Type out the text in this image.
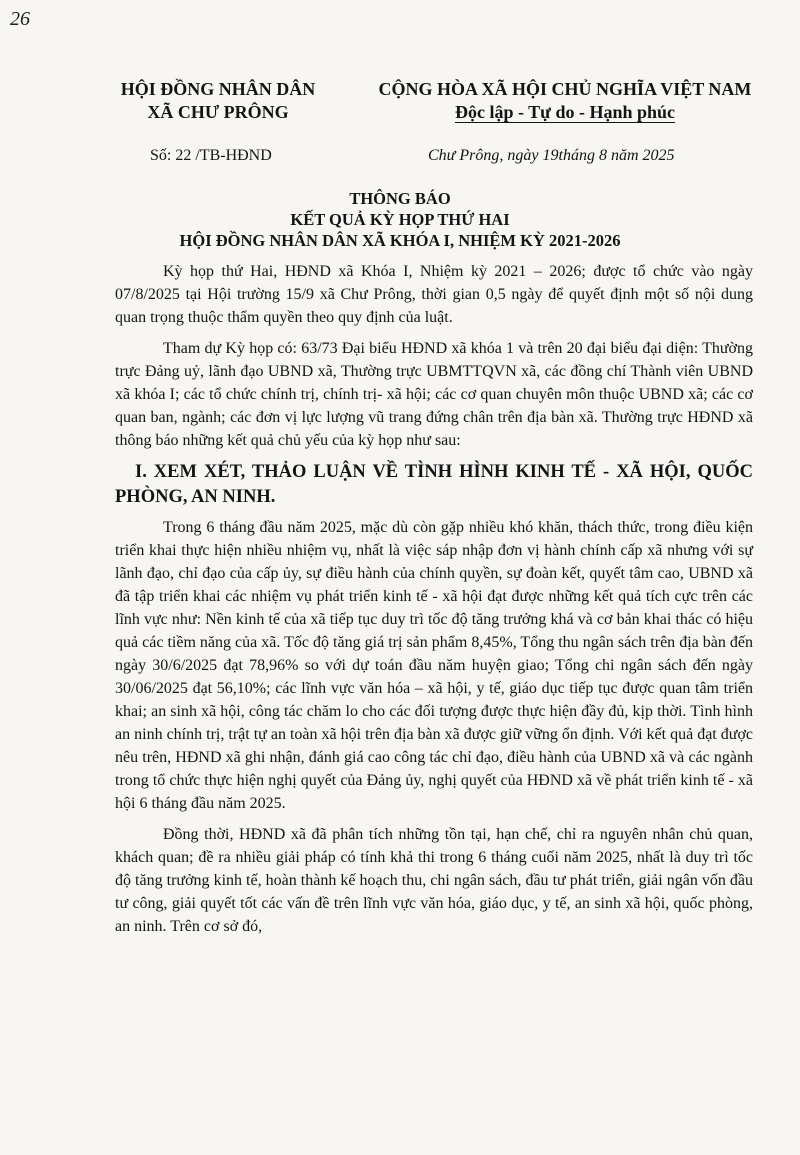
26
HỘI ĐỒNG NHÂN DÂN
XÃ CHƯ PRÔNG
CỘNG HÒA XÃ HỘI CHỦ NGHĨA VIỆT NAM
Độc lập - Tự do - Hạnh phúc
Số: 22 /TB-HĐND	Chư Prông, ngày 19tháng 8 năm 2025
THÔNG BÁO
KẾT QUẢ KỲ HỌP THỨ HAI
HỘI ĐỒNG NHÂN DÂN XÃ KHÓA I, NHIỆM KỲ 2021-2026

Kỳ họp thứ Hai, HĐND xã Khóa I, Nhiệm kỳ 2021 – 2026; được tổ chức vào ngày 07/8/2025 tại Hội trường 15/9 xã Chư Prông, thời gian 0,5 ngày để quyết định một số nội dung quan trọng thuộc thẩm quyền theo quy định của luật.

Tham dự Kỳ họp có: 63/73 Đại biểu HĐND xã khóa 1 và trên 20 đại biểu đại diện: Thường trực Đảng uỷ, lãnh đạo UBND xã, Thường trực UBMTTQVN xã, các đồng chí Thành viên UBND xã khóa I; các tổ chức chính trị, chính trị- xã hội; các cơ quan chuyên môn thuộc UBND xã; các cơ quan ban, ngành; các đơn vị lực lượng vũ trang đứng chân trên địa bàn xã. Thường trực HĐND xã thông báo những kết quả chủ yếu của kỳ họp như sau:

I. XEM XÉT, THẢO LUẬN VỀ TÌNH HÌNH KINH TẾ - XÃ HỘI, QUỐC PHÒNG, AN NINH.

Trong 6 tháng đầu năm 2025, mặc dù còn gặp nhiều khó khăn, thách thức, trong điều kiện triển khai thực hiện nhiều nhiệm vụ, nhất là việc sáp nhập đơn vị hành chính cấp xã nhưng với sự lãnh đạo, chỉ đạo của cấp ủy, sự điều hành của chính quyền, sự đoàn kết, quyết tâm cao, UBND xã đã tập triển khai các nhiệm vụ phát triển kinh tế - xã hội đạt được những kết quả tích cực trên các lĩnh vực như: Nền kinh tế của xã tiếp tục duy trì tốc độ tăng trưởng khá và cơ bản khai thác có hiệu quả các tiềm năng của xã. Tốc độ tăng giá trị sản phẩm 8,45%, Tổng thu ngân sách trên địa bàn đến ngày 30/6/2025 đạt 78,96% so với dự toán đầu năm huyện giao; Tổng chi ngân sách đến ngày 30/06/2025 đạt 56,10%; các lĩnh vực văn hóa – xã hội, y tế, giáo dục tiếp tục được quan tâm triển khai; an sinh xã hội, công tác chăm lo cho các đối tượng được thực hiện đầy đủ, kịp thời. Tình hình an ninh chính trị, trật tự an toàn xã hội trên địa bàn xã được giữ vững ổn định. Với kết quả đạt được nêu trên, HĐND xã ghi nhận, đánh giá cao công tác chỉ đạo, điều hành của UBND xã và các ngành trong tổ chức thực hiện nghị quyết của Đảng ủy, nghị quyết của HĐND xã về phát triển kinh tế - xã hội 6 tháng đầu năm 2025.

Đồng thời, HĐND xã đã phân tích những tồn tại, hạn chế, chỉ ra nguyên nhân chủ quan, khách quan; đề ra nhiều giải pháp có tính khả thi trong 6 tháng cuối năm 2025, nhất là duy trì tốc độ tăng trưởng kinh tế, hoàn thành kế hoạch thu, chi ngân sách, đầu tư phát triển, giải ngân vốn đầu tư công, giải quyết tốt các vấn đề trên lĩnh vực văn hóa, giáo dục, y tế, an sinh xã hội, quốc phòng, an ninh. Trên cơ sở đó,
